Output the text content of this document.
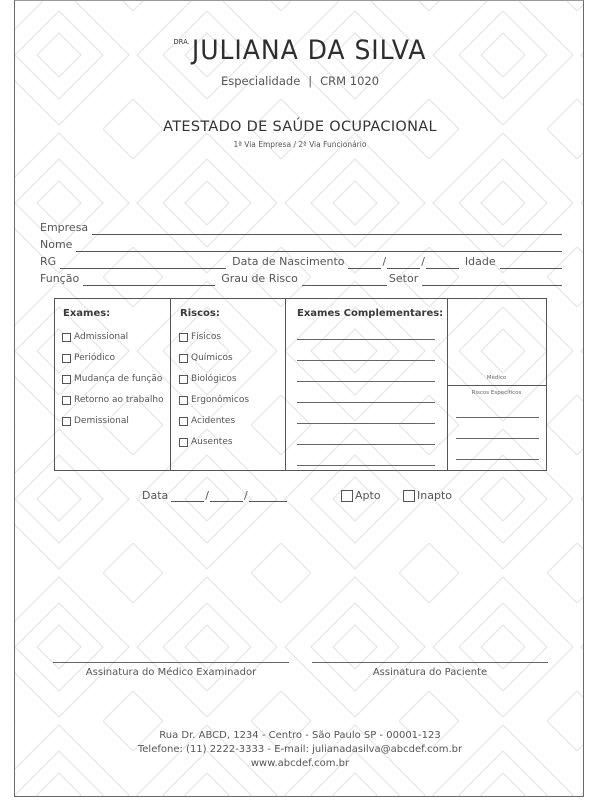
$^{DRA.}$JULIANA DA SILVA
Especialidade | CRM 1020
ATESTADO DE SAÚDE OCUPACIONAL
1ª Via Empresa / 2ª Via Funcionário
Empresa
Nome
RG	Data de Nascimento	/	/	Idade
Função	Grau de Risco	Setor
Exames:
Admissional
Periódico
Mudança de função
Retorno ao trabalho
Demissional
Riscos:
Físicos
Químicos
Biológicos
Ergonômicos
Acidentes
Ausentes
Exames Complementares:
Médico
Riscos Específicos
Data	/	/	Apto	Inapto
Assinatura do Médico Examinador	Assinatura do Paciente
Rua Dr. ABCD, 1234 - Centro - São Paulo SP - 00001-123
Telefone: (11) 2222-3333 - E-mail: julianadasilva@abcdef.com.br
www.abcdef.com.br
